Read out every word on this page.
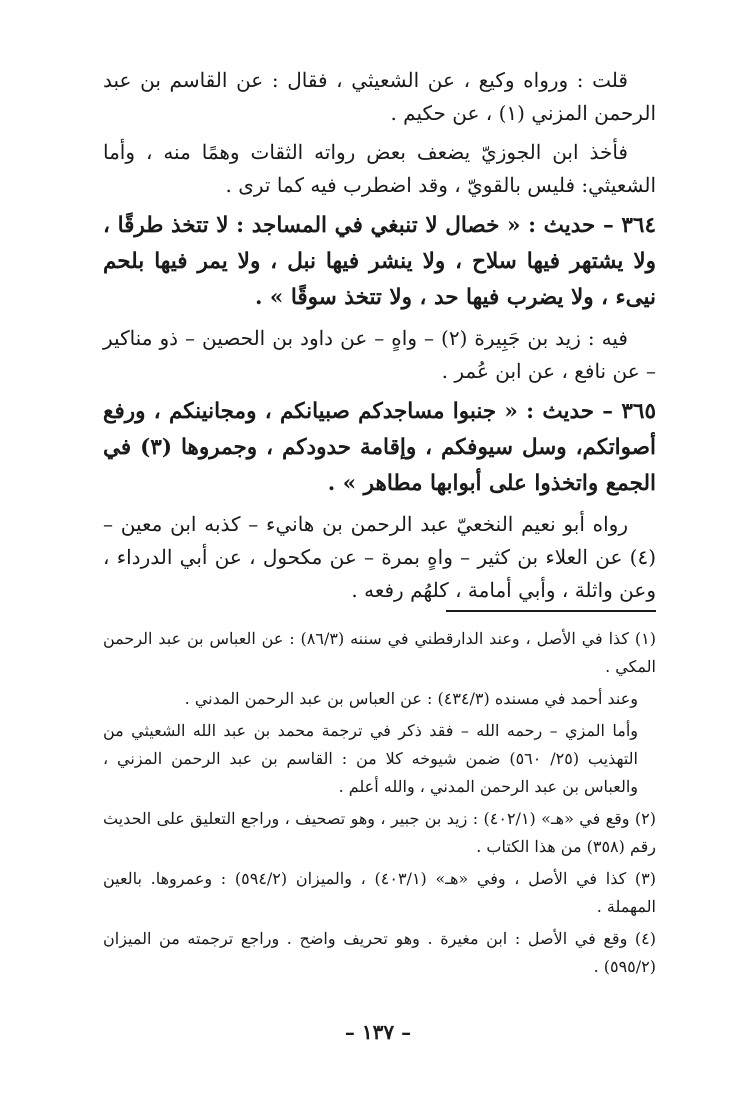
قلت : ورواه وكيع ، عن الشعيثي ، فقال : عن القاسم بن عبد الرحمن المزني (١) ، عن حكيم .

فأخذ ابن الجوزيّ يضعف بعض رواته الثقات وهمًا منه ، وأما الشعيثي: فليس بالقويّ ، وقد اضطرب فيه كما ترى .

٣٦٤ – حديث : « خصال لا تنبغي في المساجد : لا تتخذ طرقًا ، ولا يشتهر فيها سلاح ، ولا ينشر فيها نبل ، ولا يمر فيها بلحم نيىء ، ولا يضرب فيها حد ، ولا تتخذ سوقًا » .

فيه : زيد بن جَبِيرة (٢) – واهٍ – عن داود بن الحصين – ذو مناكير – عن نافع ، عن ابن عُمر .

٣٦٥ – حديث : « جنبوا مساجدكم صبيانكم ، ومجانينكم ، ورفع أصواتكم، وسل سيوفكم ، وإقامة حدودكم ، وجمروها (٣) في الجمع واتخذوا على أبوابها مطاهر » .

رواه أبو نعيم النخعيّ عبد الرحمن بن هانيء – كذبه ابن معين – (٤) عن العلاء بن كثير – واهٍ بمرة – عن مكحول ، عن أبي الدرداء ، وعن واثلة ، وأبي أمامة ، كلهُم رفعه .

(١) كذا في الأصل ، وعند الدارقطني في سننه (٨٦/٣) : عن العباس بن عبد الرحمن المكي .

وعند أحمد في مسنده (٤٣٤/٣) : عن العباس بن عبد الرحمن المدني .

وأما المزي – رحمه الله – فقد ذكر في ترجمة محمد بن عبد الله الشعيثي من التهذيب (٢٥/ ٥٦٠) ضمن شيوخه كلا من : القاسم بن عبد الرحمن المزني ، والعباس بن عبد الرحمن المدني ، والله أعلم .

(٢) وقع في «هـ» (٤٠٢/١) : زيد بن جبير ، وهو تصحيف ، وراجع التعليق على الحديث رقم (٣٥٨) من هذا الكتاب .

(٣) كذا في الأصل ، وفي «هـ» (٤٠٣/١) ، والميزان (٥٩٤/٢) : وعمروها. بالعين المهملة .

(٤) وقع في الأصل : ابن مغيرة . وهو تحريف واضح . وراجع ترجمته من الميزان (٥٩٥/٢) .

– ١٣٧ –
